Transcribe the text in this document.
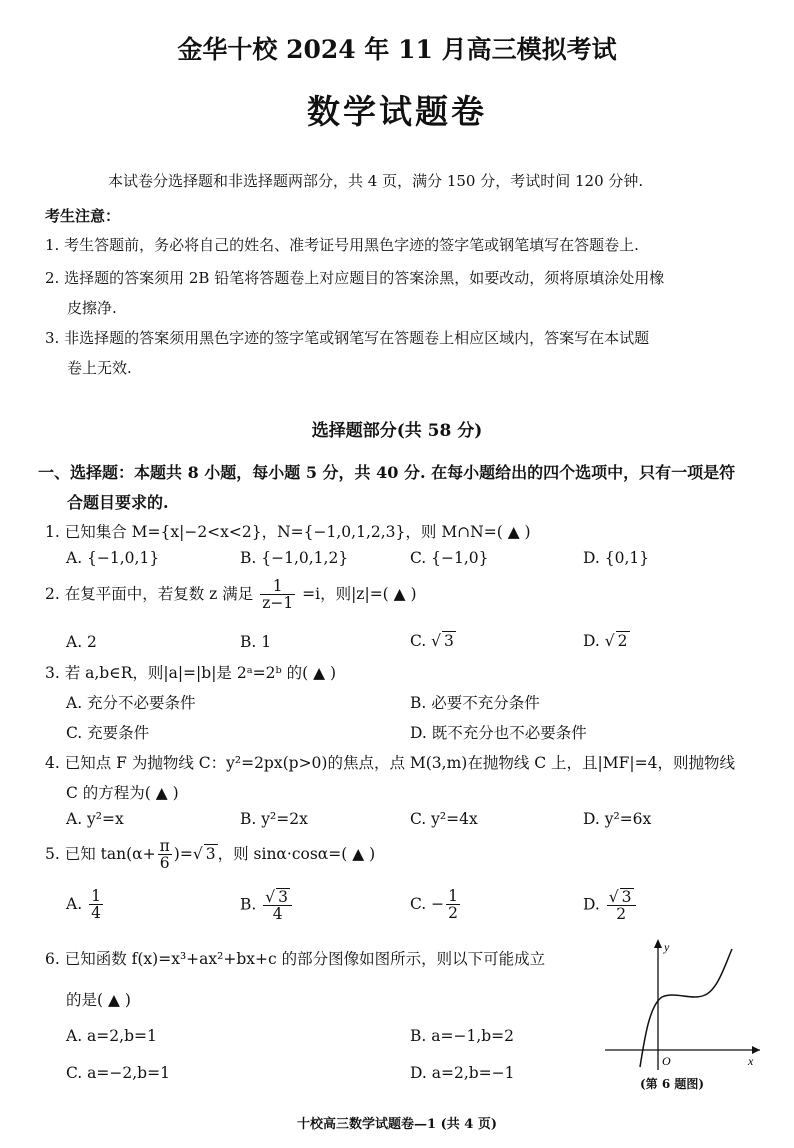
金华十校 2024 年 11 月高三模拟考试
数学试题卷
本试卷分选择题和非选择题两部分，共 4 页，满分 150 分，考试时间 120 分钟.
考生注意：
1. 考生答题前，务必将自己的姓名、准考证号用黑色字迹的签字笔或钢笔填写在答题卷上.
2. 选择题的答案须用 2B 铅笔将答题卷上对应题目的答案涂黑，如要改动，须将原填涂处用橡
皮擦净.
3. 非选择题的答案须用黑色字迹的签字笔或钢笔写在答题卷上相应区域内，答案写在本试题
卷上无效.
选择题部分(共 58 分)
一、选择题：本题共 8 小题，每小题 5 分，共 40 分. 在每小题给出的四个选项中，只有一项是符
合题目要求的.
1. 已知集合 M={x|−2<x<2}，N={−1,0,1,2,3}，则 M∩N=( ▲ )
A. {−1,0,1}	B. {−1,0,1,2}	C. {−1,0}	D. {0,1}
2. 在复平面中，若复数 z 满足 $\frac{1}{z-1} =i$，则|z|=( ▲ )
A. 2	B. 1	C. √ 3	D. √ 2
3. 若 a,b∈R，则|a|=|b|是 2ᵃ=2ᵇ 的( ▲ )
A. 充分不必要条件	B. 必要不充分条件
C. 充要条件	D. 既不充分也不必要条件
4. 已知点 F 为抛物线 C：y²=2px(p>0)的焦点，点 M(3,m)在抛物线 C 上，且|MF|=4，则抛物线
C 的方程为( ▲ )
A. y²=x	B. y²=2x	C. y²=4x	D. y²=6x
5. 已知 $\tan(\alpha+ \frac{\pi}{6}$ )=√ 3 ，则 sinα·cosα=( ▲ )
A. $\frac{1}{4}$	B. $\frac{√ 3}{4}$	C. − $\frac{1}{2}$	D. $\frac{√ 3}{2}$
6. 已知函数 f(x)=x³+ax²+bx+c 的部分图像如图所示，则以下可能成立
的是( ▲ )
A. a=2,b=1	B. a=−1,b=2
C. a=−2,b=1	D. a=2,b=−1
y
x
O
(第 6 题图)
十校高三数学试题卷—1 (共 4 页)
